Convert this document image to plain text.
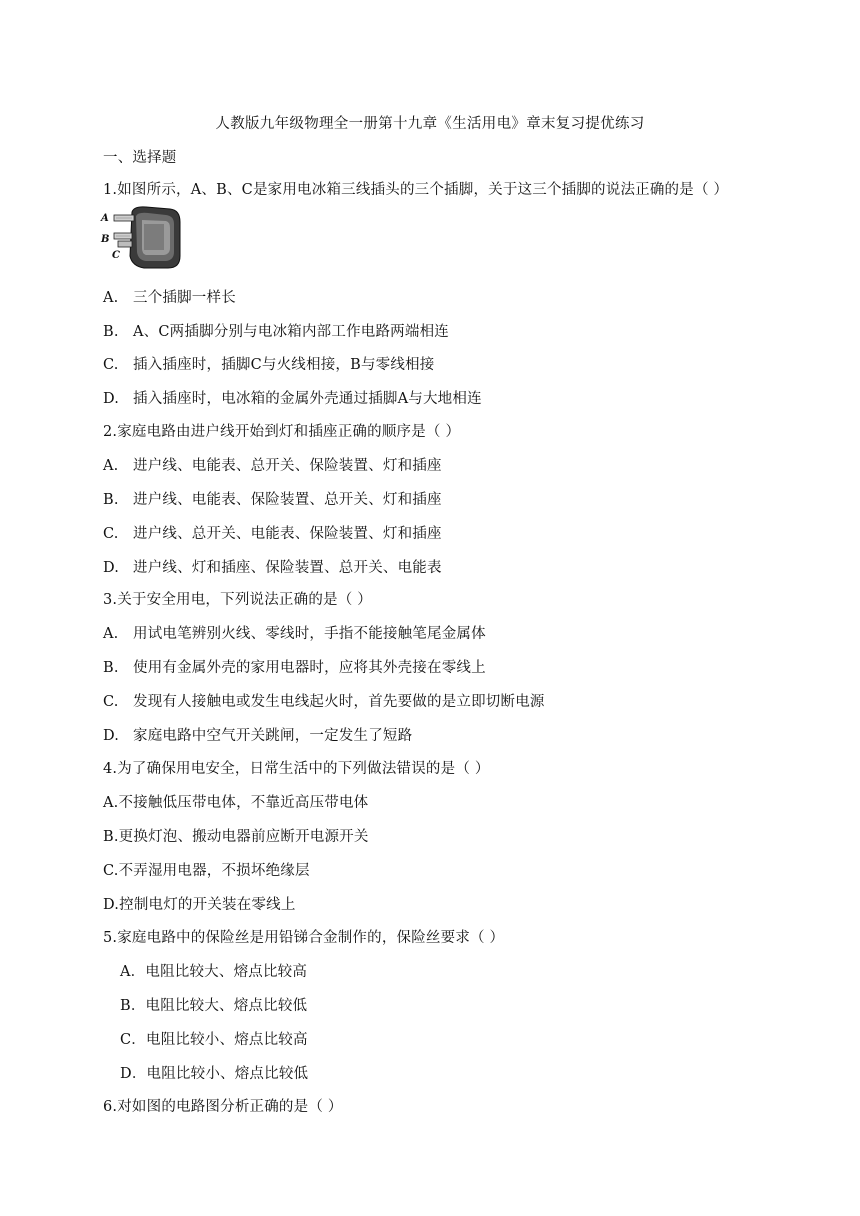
人教版九年级物理全一册第十九章《生活用电》章末复习提优练习
一、选择题
1.如图所示，A、B、C是家用电冰箱三线插头的三个插脚，关于这三个插脚的说法正确的是（ ）
A
B
C
A. 三个插脚一样长
B. A、C两插脚分别与电冰箱内部工作电路两端相连
C. 插入插座时，插脚C与火线相接，B与零线相接
D. 插入插座时，电冰箱的金属外壳通过插脚A与大地相连
2.家庭电路由进户线开始到灯和插座正确的顺序是（ ）
A. 进户线、电能表、总开关、保险装置、灯和插座
B. 进户线、电能表、保险装置、总开关、灯和插座
C. 进户线、总开关、电能表、保险装置、灯和插座
D. 进户线、灯和插座、保险装置、总开关、电能表
3.关于安全用电，下列说法正确的是（ ）
A. 用试电笔辨别火线、零线时，手指不能接触笔尾金属体
B. 使用有金属外壳的家用电器时，应将其外壳接在零线上
C. 发现有人接触电或发生电线起火时，首先要做的是立即切断电源
D. 家庭电路中空气开关跳闸，一定发生了短路
4.为了确保用电安全，日常生活中的下列做法错误的是（ ）
A.不接触低压带电体，不靠近高压带电体
B.更换灯泡、搬动电器前应断开电源开关
C.不弄湿用电器，不损坏绝缘层
D.控制电灯的开关装在零线上
5.家庭电路中的保险丝是用铅锑合金制作的，保险丝要求（ ）
A．电阻比较大、熔点比较高
B．电阻比较大、熔点比较低
C．电阻比较小、熔点比较高
D．电阻比较小、熔点比较低
6.对如图的电路图分析正确的是（ ）
